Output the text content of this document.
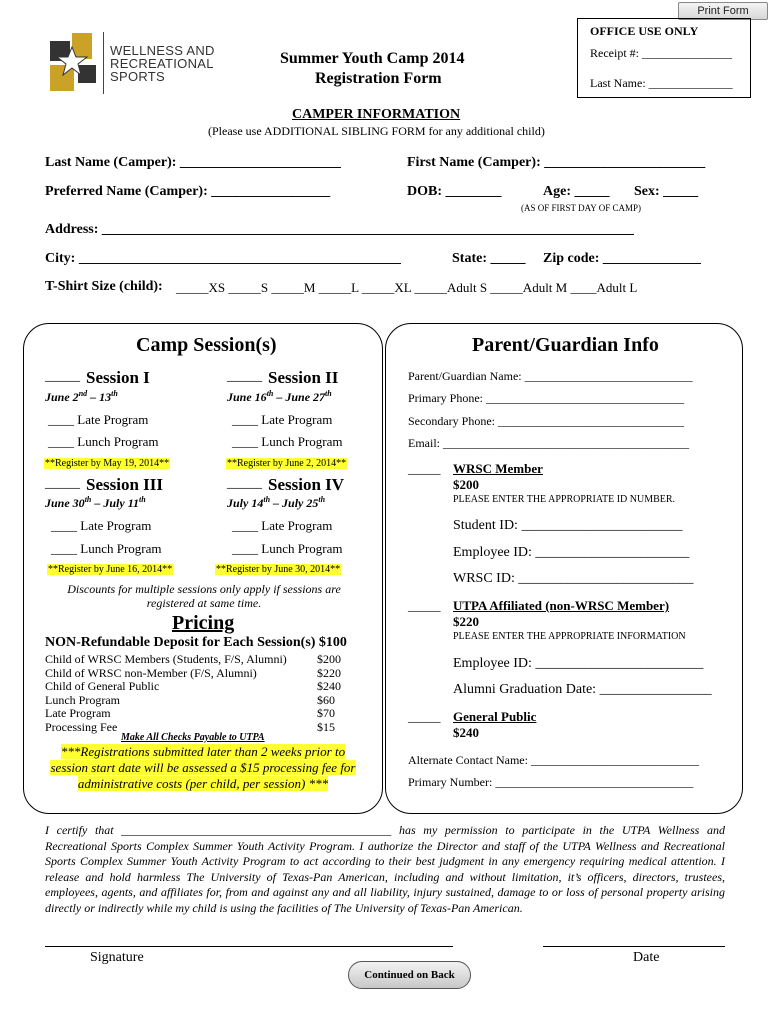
Print Form
OFFICE USE ONLY
Receipt #: _______________
Last Name: ______________
WELLNESS AND
RECREATIONAL
SPORTS
Summer Youth Camp 2014
Registration Form
CAMPER INFORMATION
(Please use ADDITIONAL SIBLING FORM for any additional child)
Last Name (Camper): _______________________	First Name (Camper): _______________________
Preferred Name (Camper): _________________	DOB: ________	Age: _____ Sex: _____
(AS OF FIRST DAY OF CAMP)
Address: ____________________________________________________________________________
City: ______________________________________________	State: _____ Zip code: ______________
T-Shirt Size (child): _____XS _____S _____M _____L _____XL _____Adult S _____Adult M ____Adult L
Camp Session(s)
_____ Session I
June 2nd – 13th
____ Late Program
____ Lunch Program
**Register by May 19, 2014**
_____ Session II
June 16th – June 27th
____ Late Program
____ Lunch Program
**Register by June 2, 2014**
_____ Session III
June 30th – July 11th
____ Late Program
____ Lunch Program
**Register by June 16, 2014**
_____ Session IV
July 14th – July 25th
____ Late Program
____ Lunch Program
**Register by June 30, 2014**
Discounts for multiple sessions only apply if sessions are registered at same time.
Pricing
NON-Refundable Deposit for Each Session(s) $100
Child of WRSC Members (Students, F/S, Alumni)	$200
Child of WRSC non-Member (F/S, Alumni)	$220
Child of General Public	$240
Lunch Program	$60
Late Program	$70
Processing Fee	$15
Make All Checks Payable to UTPA
***Registrations submitted later than 2 weeks prior to session start date will be assessed a $15 processing fee for administrative costs (per child, per session) ***
Parent/Guardian Info
Parent/Guardian Name: ____________________________
Primary Phone: _________________________________
Secondary Phone: _______________________________
Email: _________________________________________
_____ WRSC Member
$200
PLEASE ENTER THE APPROPRIATE ID NUMBER.
Student ID: _______________________
Employee ID: ______________________
WRSC ID: _________________________
_____ UTPA Affiliated (non-WRSC Member)
$220
PLEASE ENTER THE APPROPRIATE INFORMATION
Employee ID: ________________________
Alumni Graduation Date: ________________
_____ General Public
$240
Alternate Contact Name: ____________________________
Primary Number: _________________________________
I certify that _____________________________________________ has my permission to participate in the UTPA Wellness and Recreational Sports Complex Summer Youth Activity Program. I authorize the Director and staff of the UTPA Wellness and Recreational Sports Complex Summer Youth Activity Program to act according to their best judgment in any emergency requiring medical attention. I release and hold harmless The University of Texas-Pan American, including and without limitation, it’s officers, directors, trustees, employees, agents, and affiliates for, from and against any and all liability, injury sustained, damage to or loss of personal property arising directly or indirectly while my child is using the facilities of The University of Texas-Pan American.
Signature	Date
Continued on Back
